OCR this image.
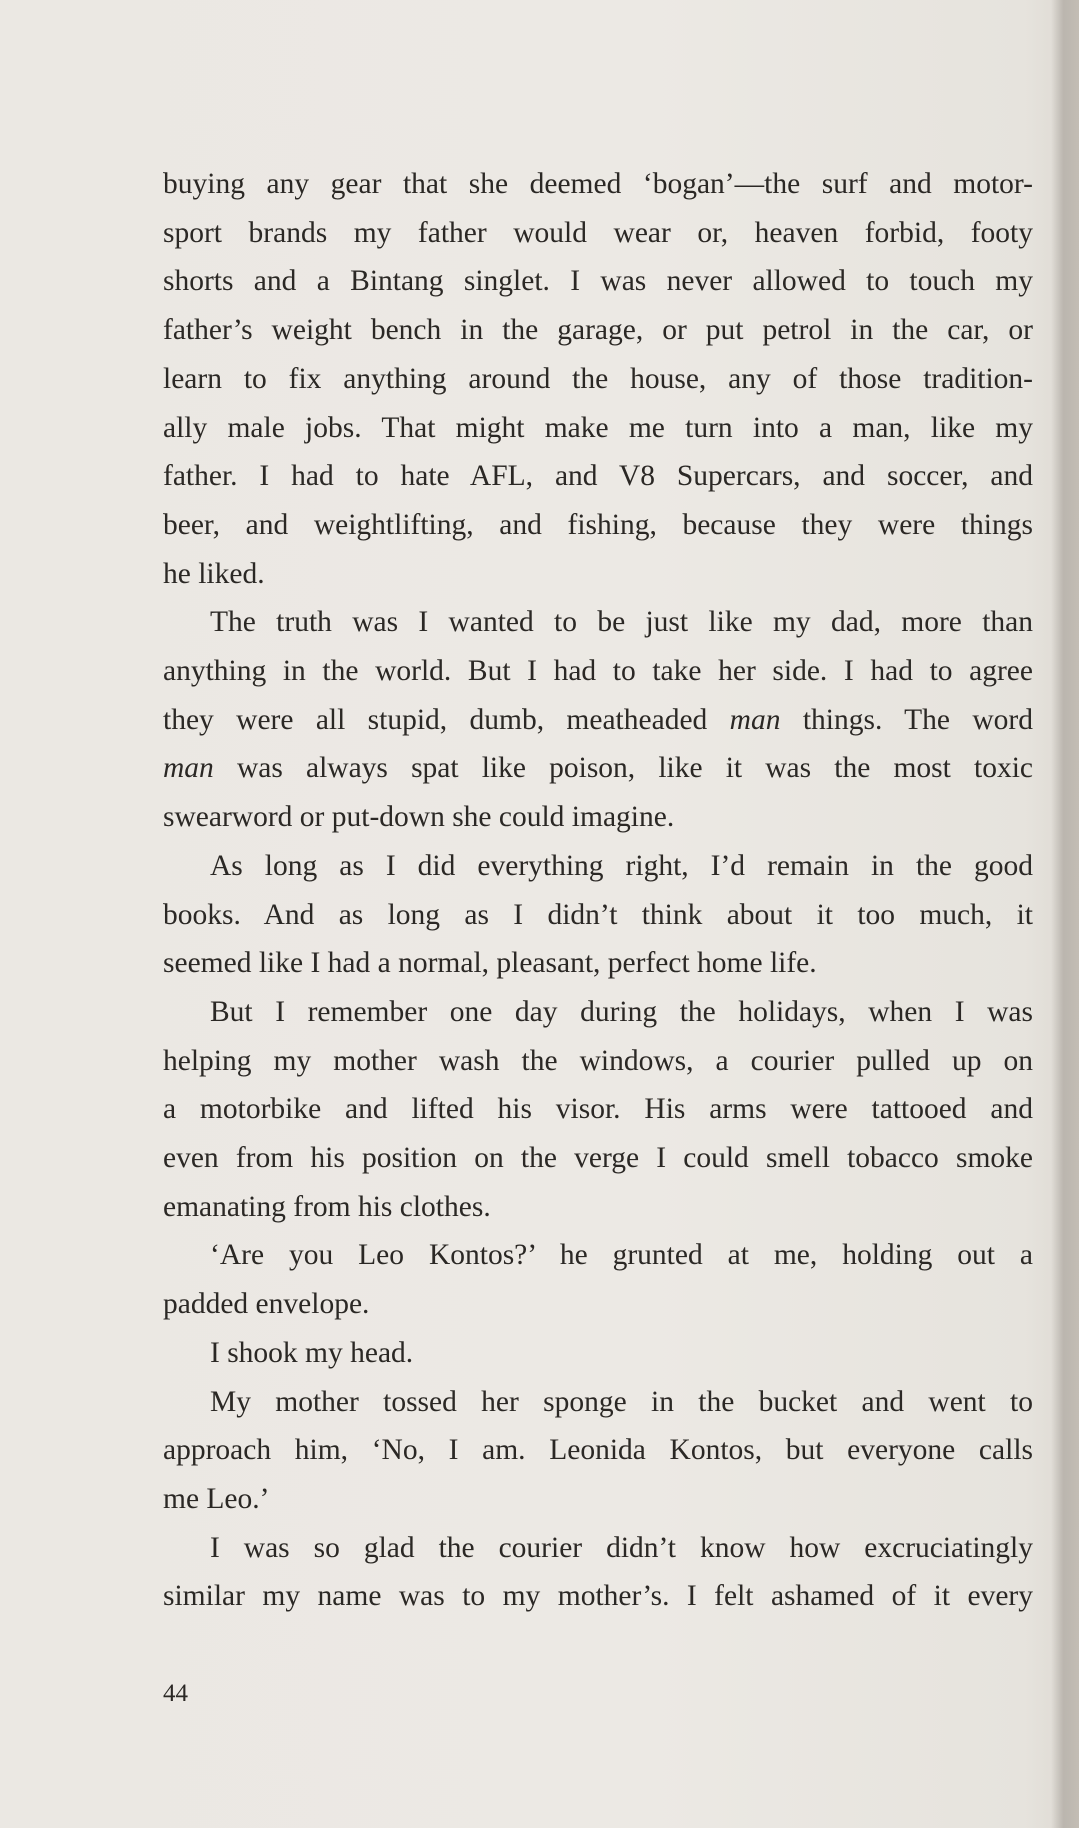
buying any gear that she deemed ‘bogan’—the surf and motor-
sport brands my father would wear or, heaven forbid, footy
shorts and a Bintang singlet. I was never allowed to touch my
father’s weight bench in the garage, or put petrol in the car, or
learn to fix anything around the house, any of those tradition-
ally male jobs. That might make me turn into a man, like my
father. I had to hate AFL, and V8 Supercars, and soccer, and
beer, and weightlifting, and fishing, because they were things
he liked.
The truth was I wanted to be just like my dad, more than
anything in the world. But I had to take her side. I had to agree
they were all stupid, dumb, meatheaded man things. The word
man was always spat like poison, like it was the most toxic
swearword or put-down she could imagine.
As long as I did everything right, I’d remain in the good
books. And as long as I didn’t think about it too much, it
seemed like I had a normal, pleasant, perfect home life.
But I remember one day during the holidays, when I was
helping my mother wash the windows, a courier pulled up on
a motorbike and lifted his visor. His arms were tattooed and
even from his position on the verge I could smell tobacco smoke
emanating from his clothes.
‘Are you Leo Kontos?’ he grunted at me, holding out a
padded envelope.
I shook my head.
My mother tossed her sponge in the bucket and went to
approach him, ‘No, I am. Leonida Kontos, but everyone calls
me Leo.’
I was so glad the courier didn’t know how excruciatingly
similar my name was to my mother’s. I felt ashamed of it every
44
